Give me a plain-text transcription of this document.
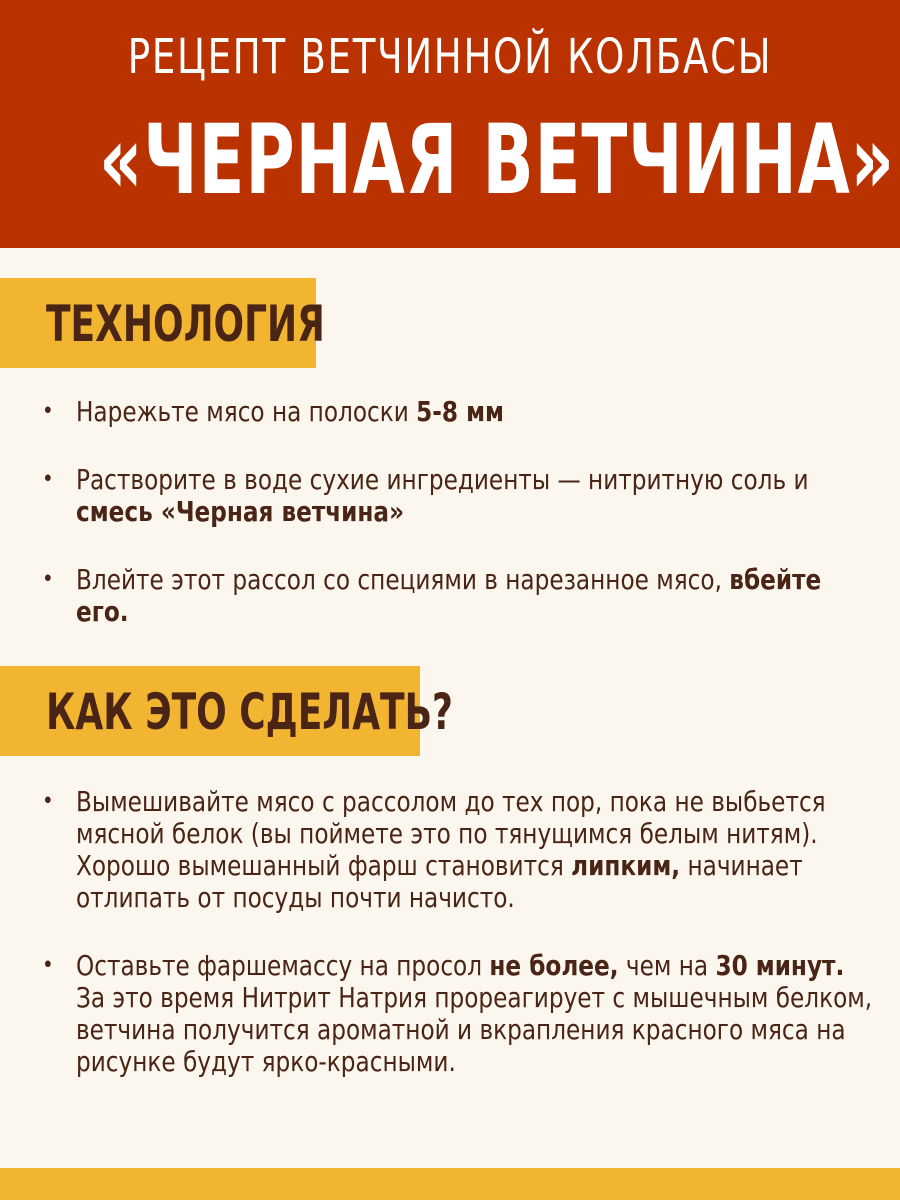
РЕЦЕПТ ВЕТЧИННОЙ КОЛБАСЫ
«ЧЕРНАЯ ВЕТЧИНА»
ТЕХНОЛОГИЯ
• Нарежьте мясо на полоски 5-8 мм
• Растворите в воде сухие ингредиенты — нитритную соль и смесь «Черная ветчина»
• Влейте этот рассол со специями в нарезанное мясо, вбейте его.
КАК ЭТО СДЕЛАТЬ?
• Вымешивайте мясо с рассолом до тех пор, пока не выбьется мясной белок (вы поймете это по тянущимся белым нитям). Хорошо вымешанный фарш становится липким, начинает отлипать от посуды почти начисто.
• Оставьте фаршемассу на просол не более, чем на 30 минут. За это время Нитрит Натрия прореагирует с мышечным белком, ветчина получится ароматной и вкрапления красного мяса на рисунке будут ярко-красными.
